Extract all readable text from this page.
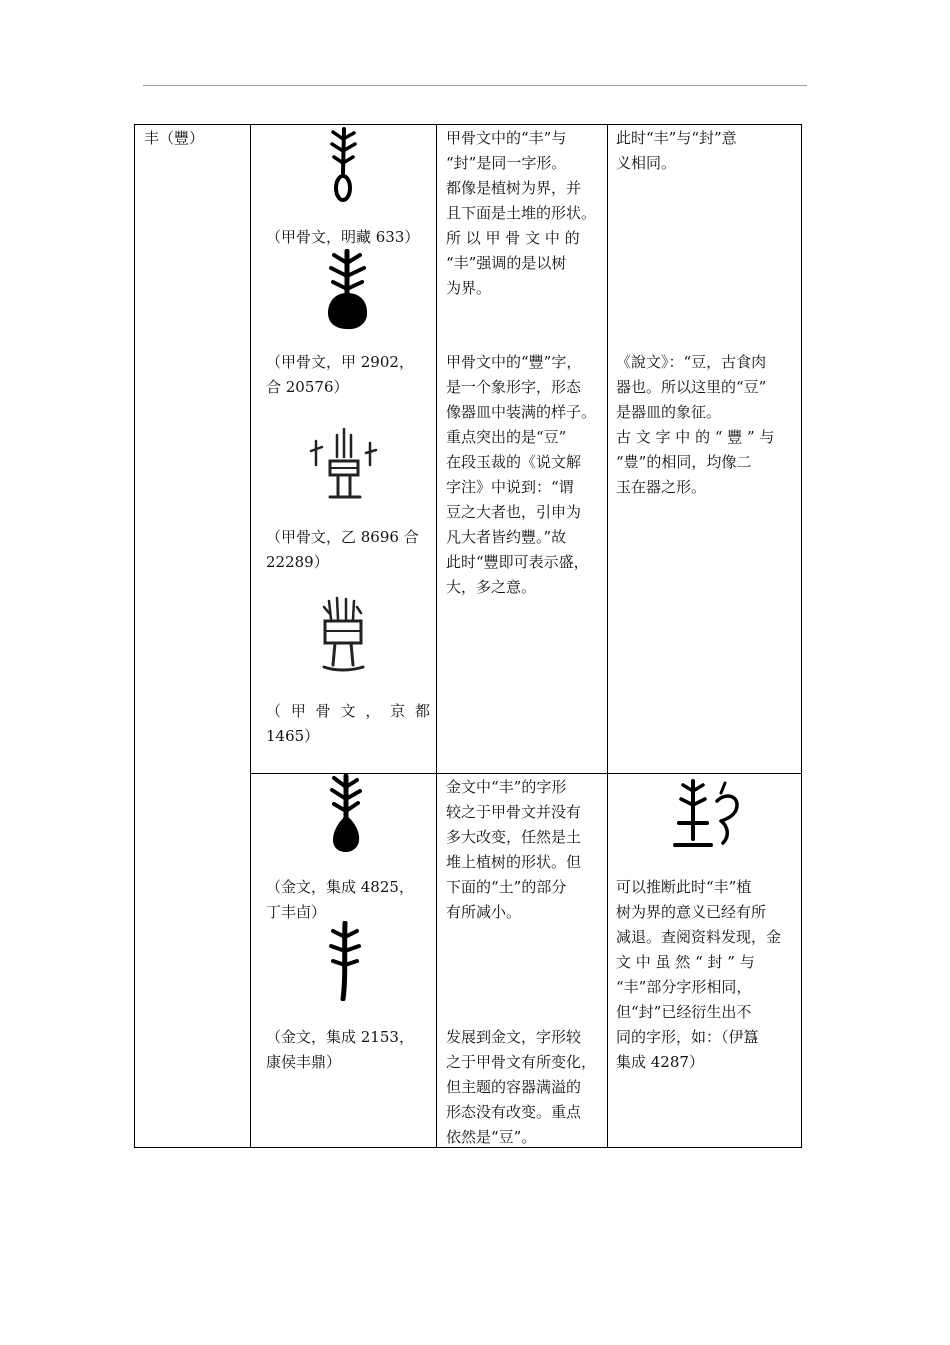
丰（豐）
（甲骨文，明藏 633）
（甲骨文，甲 2902，
合 20576）
（甲骨文，乙 8696 合
22289）
（ 甲 骨 文 ， 京 都
1465）
甲骨文中的“丰”与
“封”是同一字形。
都像是植树为界，并
且下面是土堆的形状。
所 以 甲 骨 文 中 的
“丰”强调的是以树
为界。
甲骨文中的“豐”字，
是一个象形字，形态
像器皿中装满的样子。
重点突出的是“豆”
在段玉裁的《说文解
字注》中说到：“谓
豆之大者也，引申为
凡大者皆约豐。”故
此时“豐即可表示盛，
大，多之意。
此时“丰”与“封”意
义相同。
《說文》：“豆，古食肉
器也。所以这里的“豆”
是器皿的象征。
古 文 字 中 的 “ 豐 ” 与
“豊”的相同，均像二
玉在器之形。
（金文，集成 4825，
丁丰卣）
（金文，集成 2153，
康侯丰鼎）
金文中“丰”的字形
较之于甲骨文并没有
多大改变，任然是土
堆上植树的形状。但
下面的“土”的部分
有所减小。
发展到金文，字形较
之于甲骨文有所变化，
但主题的容器满溢的
形态没有改变。重点
依然是“豆”。
可以推断此时“丰”植
树为界的意义已经有所
减退。查阅资料发现，金
文 中 虽 然 “ 封 ” 与
“丰”部分字形相同，
但“封”已经衍生出不
同的字形，如：（伊簋
集成 4287）
